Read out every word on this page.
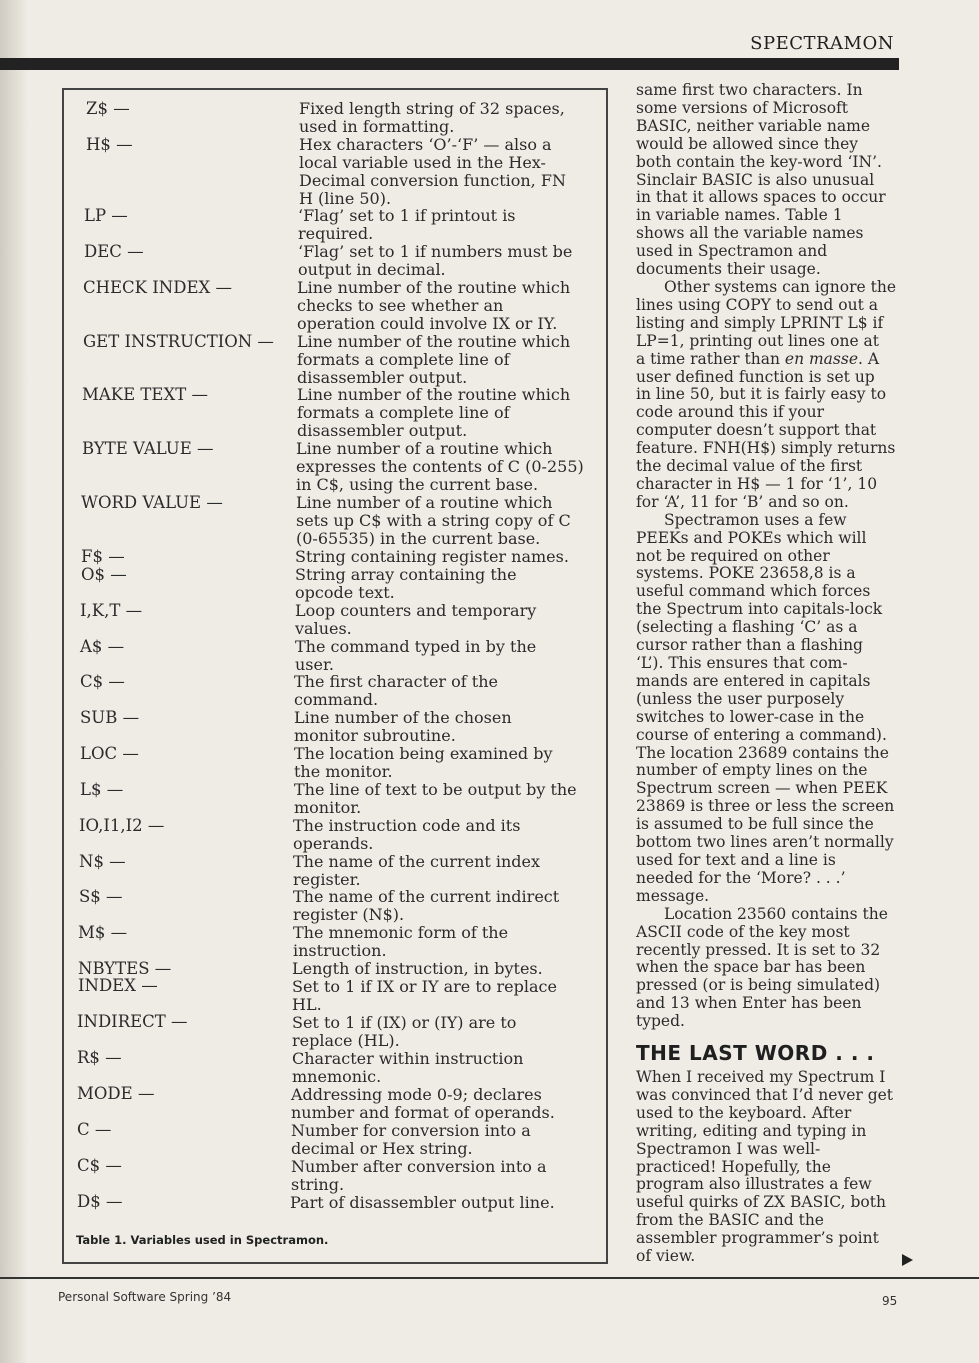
SPECTRAMON
Z$ —	Fixed length string of 32 spaces,
used in formatting.
H$ —	Hex characters ‘O’-‘F’ — also a
local variable used in the Hex-
Decimal conversion function, FN
H (line 50).
LP —	‘Flag’ set to 1 if printout is
required.
DEC —	‘Flag’ set to 1 if numbers must be
output in decimal.
CHECK INDEX —	Line number of the routine which
checks to see whether an
operation could involve IX or IY.
GET INSTRUCTION — Line number of the routine which
formats a complete line of
disassembler output.
MAKE TEXT —	Line number of the routine which
formats a complete line of
disassembler output.
BYTE VALUE —	Line number of a routine which
expresses the contents of C (0-255)
in C$, using the current base.
WORD VALUE —	Line number of a routine which
sets up C$ with a string copy of C
(0-65535) in the current base.
F$ —	String containing register names.
O$ —	String array containing the
opcode text.
I,K,T —	Loop counters and temporary
values.
A$ —	The command typed in by the
user.
C$ —	The first character of the
command.
SUB —	Line number of the chosen
monitor subroutine.
LOC —	The location being examined by
the monitor.
L$ —	The line of text to be output by the
monitor.
IO,I1,I2 —	The instruction code and its
operands.
N$ —	The name of the current index
register.
S$ —	The name of the current indirect
register (N$).
M$ —	The mnemonic form of the
instruction.
NBYTES —	Length of instruction, in bytes.
INDEX —	Set to 1 if IX or IY are to replace
HL.
INDIRECT —	Set to 1 if (IX) or (IY) are to
replace (HL).
R$ —	Character within instruction
mnemonic.
MODE —	Addressing mode 0-9; declares
number and format of operands.
C —	Number for conversion into a
decimal or Hex string.
C$ —	Number after conversion into a
string.
D$ —	Part of disassembler output line.
Table 1. Variables used in Spectramon.

same first two characters. In
some versions of Microsoft
BASIC, neither variable name
would be allowed since they
both contain the key-word ‘IN’.
Sinclair BASIC is also unusual
in that it allows spaces to occur
in variable names. Table 1
shows all the variable names
used in Spectramon and
documents their usage.

Other systems can ignore the
lines using COPY to send out a
listing and simply LPRINT L$ if
LP=1, printing out lines one at
a time rather than en masse. A
user defined function is set up
in line 50, but it is fairly easy to
code around this if your
computer doesn’t support that
feature. FNH(H$) simply returns
the decimal value of the first
character in H$ — 1 for ‘1’, 10
for ‘A’, 11 for ‘B’ and so on.

Spectramon uses a few
PEEKs and POKEs which will
not be required on other
systems. POKE 23658,8 is a
useful command which forces
the Spectrum into capitals-lock
(selecting a flashing ‘C’ as a
cursor rather than a flashing
‘L’). This ensures that com-
mands are entered in capitals
(unless the user purposely
switches to lower-case in the
course of entering a command).
The location 23689 contains the
number of empty lines on the
Spectrum screen — when PEEK
23869 is three or less the screen
is assumed to be full since the
bottom two lines aren’t normally
used for text and a line is
needed for the ‘More? . . .’
message.

Location 23560 contains the
ASCII code of the key most
recently pressed. It is set to 32
when the space bar has been
pressed (or is being simulated)
and 13 when Enter has been
typed.

THE LAST WORD . . .

When I received my Spectrum I
was convinced that I’d never get
used to the keyboard. After
writing, editing and typing in
Spectramon I was well-
practiced! Hopefully, the
program also illustrates a few
useful quirks of ZX BASIC, both
from the BASIC and the
assembler programmer’s point
of view.

Personal Software Spring ’84	95
